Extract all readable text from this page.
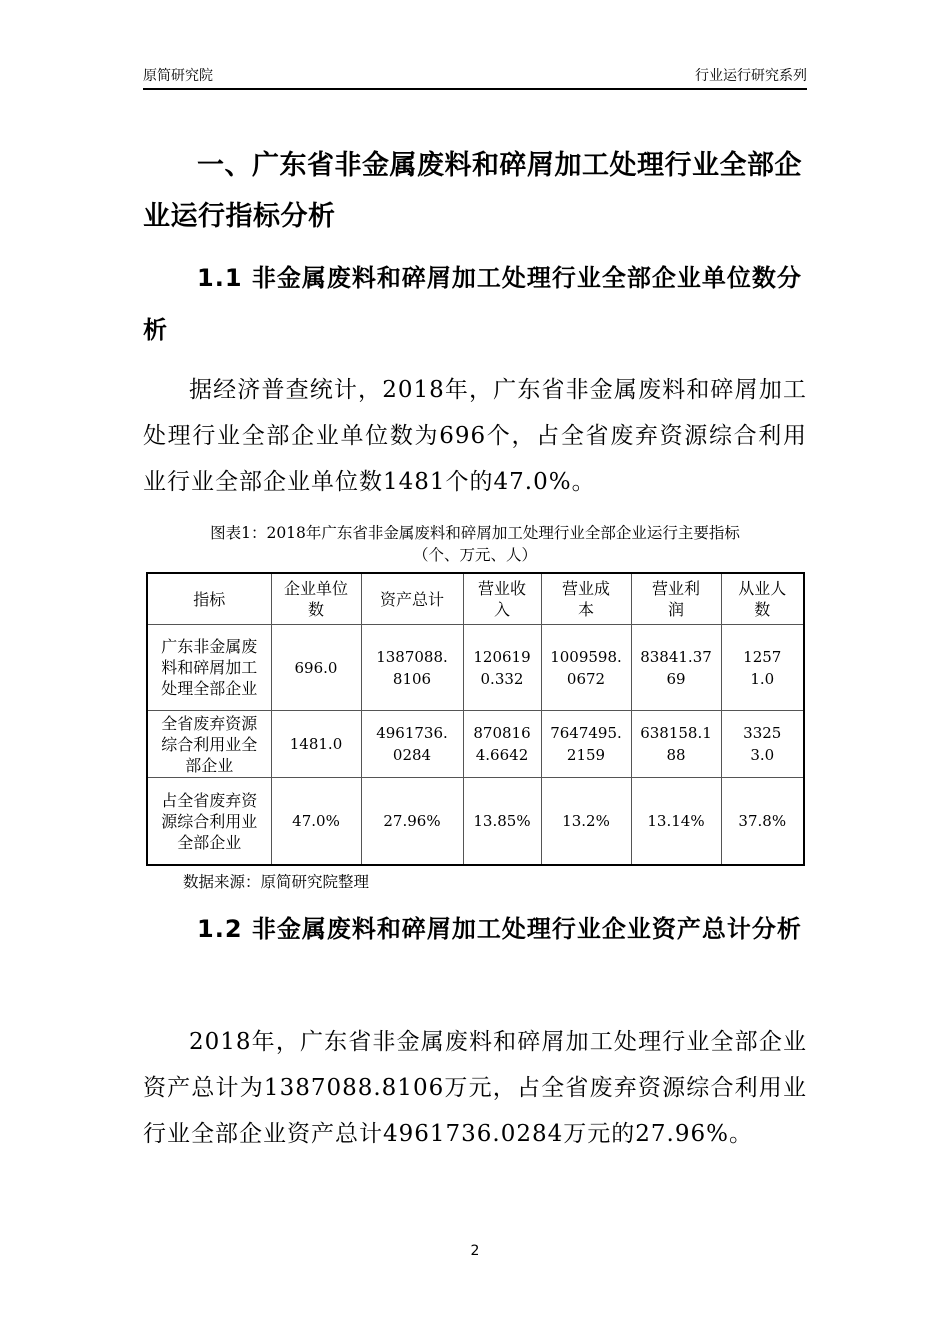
原简研究院	行业运行研究系列
一、广东省非金属废料和碎屑加工处理行业全部企业运行指标分析
1.1 非金属废料和碎屑加工处理行业全部企业单位数分析
据经济普查统计，2018年，广东省非金属废料和碎屑加工处理行业全部企业单位数为696个，占全省废弃资源综合利用业行业全部企业单位数1481个的47.0%。
图表1：2018年广东省非金属废料和碎屑加工处理行业全部企业运行主要指标
（个、万元、人）
指标	企业单位数	资产总计	营业收入	营业成本	营业利润	从业人数
广东非金属废料和碎屑加工处理全部企业	696.0	1387088.8106	1206190.332	1009598.0672	83841.3769	12571.0
全省废弃资源综合利用业全部企业	1481.0	4961736.0284	8708164.6642	7647495.2159	638158.188	33253.0
占全省废弃资源综合利用业全部企业	47.0%	27.96%	13.85%	13.2%	13.14%	37.8%
数据来源：原简研究院整理
1.2 非金属废料和碎屑加工处理行业企业资产总计分析
2018年，广东省非金属废料和碎屑加工处理行业全部企业资产总计为1387088.8106万元，占全省废弃资源综合利用业行业全部企业资产总计4961736.0284万元的27.96%。
2
